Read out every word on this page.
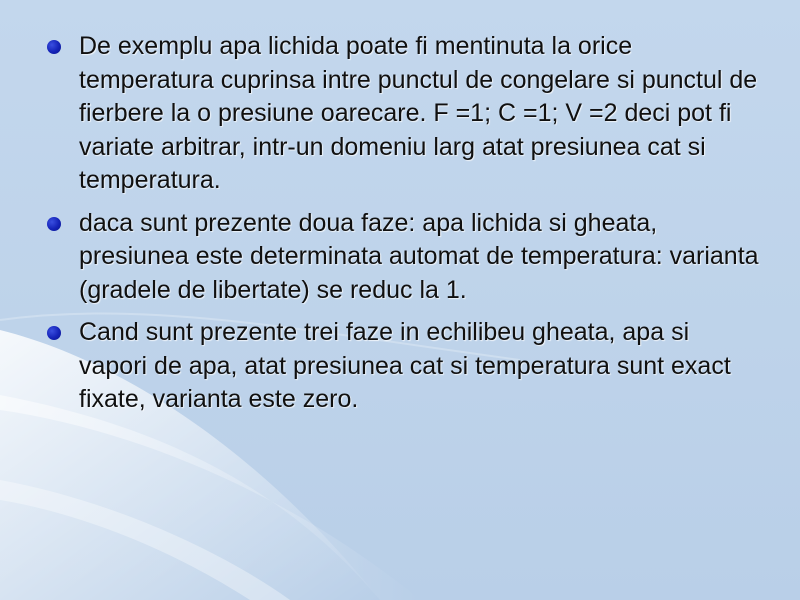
De exemplu apa lichida poate fi mentinuta la orice temperatura cuprinsa intre punctul de congelare si punctul de fierbere la o presiune oarecare. F =1; C =1; V =2 deci pot fi variate arbitrar, intr-un domeniu larg atat presiunea cat si temperatura.
daca sunt prezente doua faze: apa lichida si gheata, presiunea este determinata automat de temperatura: varianta (gradele de libertate) se reduc la 1.
Cand sunt prezente trei faze in echilibeu gheata, apa si vapori de apa, atat presiunea cat si temperatura sunt exact fixate, varianta este zero.
